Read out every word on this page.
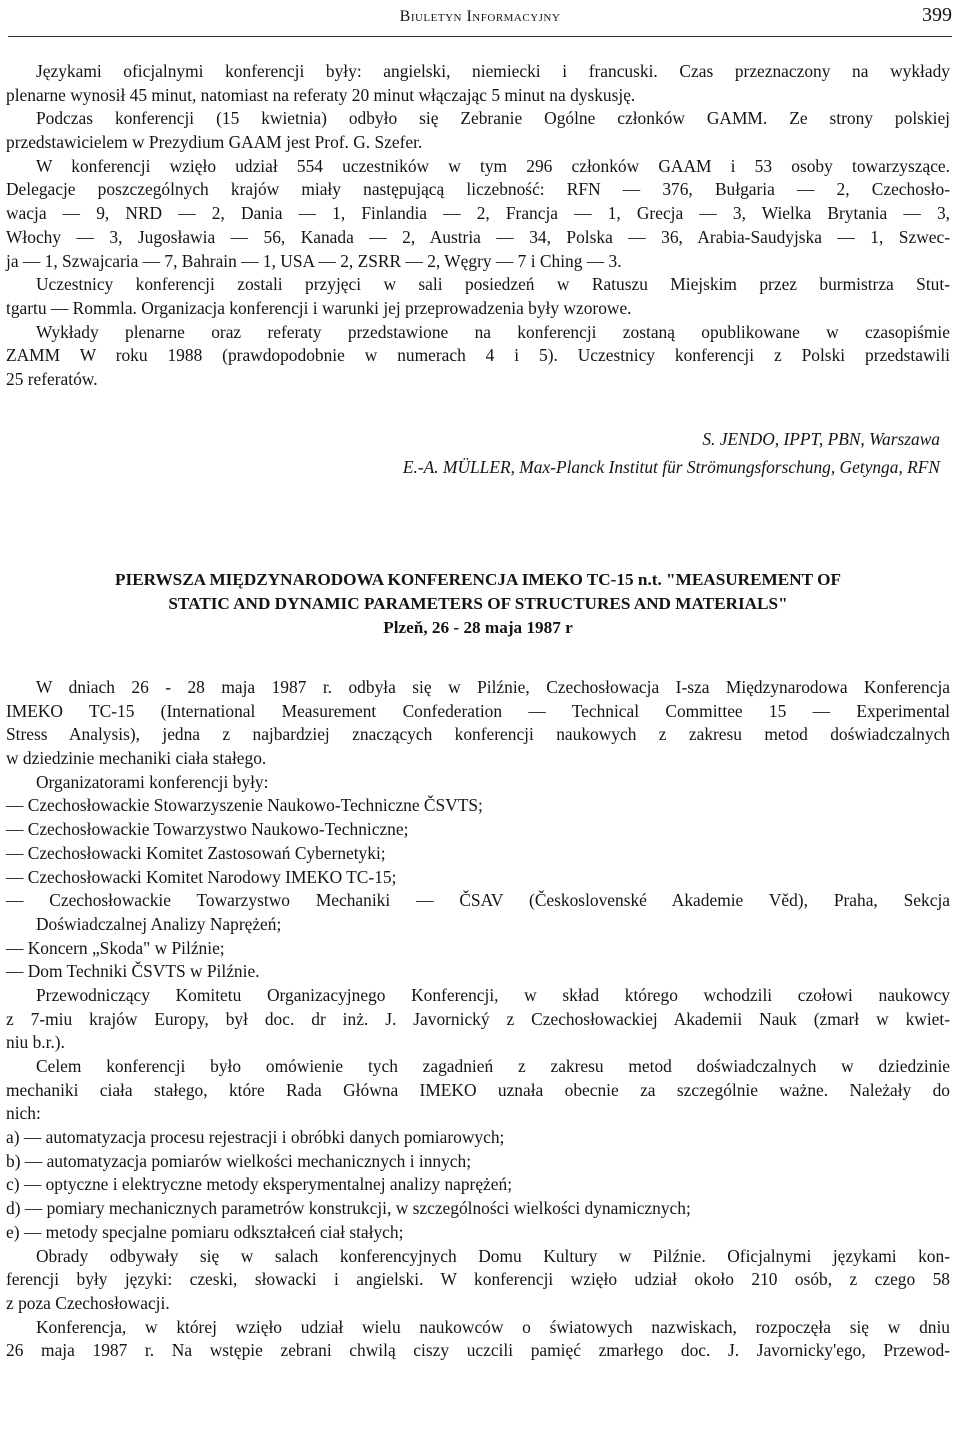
Biuletyn Informacyjny	399
Językami oficjalnymi konferencji były: angielski, niemiecki i francuski. Czas przeznaczony na wykłady
plenarne wynosił 45 minut, natomiast na referaty 20 minut włączając 5 minut na dyskusję.
Podczas konferencji (15 kwietnia) odbyło się Zebranie Ogólne członków GAMM. Ze strony polskiej
przedstawicielem w Prezydium GAAM jest Prof. G. Szefer.
W konferencji wzięło udział 554 uczestników w tym 296 członków GAAM i 53 osoby towarzyszące.
Delegacje poszczególnych krajów miały następującą liczebność: RFN — 376, Bułgaria — 2, Czechosło-
wacja — 9, NRD — 2, Dania — 1, Finlandia — 2, Francja — 1, Grecja — 3, Wielka Brytania — 3,
Włochy — 3, Jugosławia — 56, Kanada — 2, Austria — 34, Polska — 36, Arabia-Saudyjska — 1, Szwec-
ja — 1, Szwajcaria — 7, Bahrain — 1, USA — 2, ZSRR — 2, Węgry — 7 i Ching — 3.
Uczestnicy konferencji zostali przyjęci w sali posiedzeń w Ratuszu Miejskim przez burmistrza Stut-
tgartu — Rommla. Organizacja konferencji i warunki jej przeprowadzenia były wzorowe.
Wykłady plenarne oraz referaty przedstawione na konferencji zostaną opublikowane w czasopiśmie
ZAMM W roku 1988 (prawdopodobnie w numerach 4 i 5). Uczestnicy konferencji z Polski przedstawili
25 referatów.
S. JENDO, IPPT, PBN, Warszawa
E.-A. MÜLLER, Max-Planck Institut für Strömungsforschung, Getynga, RFN
PIERWSZA MIĘDZYNARODOWA KONFERENCJA IMEKO TC-15 n.t. "MEASUREMENT OF
STATIC AND DYNAMIC PARAMETERS OF STRUCTURES AND MATERIALS"
Plzeň, 26 - 28 maja 1987 r
W dniach 26 - 28 maja 1987 r. odbyła się w Pilźnie, Czechosłowacja I-sza Międzynarodowa Konferencja
IMEKO TC-15 (International Measurement Confederation — Technical Committee 15 — Experimental
Stress Analysis), jedna z najbardziej znaczących konferencji naukowych z zakresu metod doświadczalnych
w dziedzinie mechaniki ciała stałego.
Organizatorami konferencji były:
— Czechosłowackie Stowarzyszenie Naukowo-Techniczne ČSVTS;
— Czechosłowackie Towarzystwo Naukowo-Techniczne;
— Czechosłowacki Komitet Zastosowań Cybernetyki;
— Czechosłowacki Komitet Narodowy IMEKO TC-15;
— Czechosłowackie Towarzystwo Mechaniki — ČSAV (Československé Akademie Věd), Praha, Sekcja
Doświadczalnej Analizy Naprężeń;
— Koncern „Skoda" w Pilźnie;
— Dom Techniki ČSVTS w Pilźnie.
Przewodniczący Komitetu Organizacyjnego Konferencji, w skład którego wchodzili czołowi naukowcy
z 7-miu krajów Europy, był doc. dr inż. J. Javornický z Czechosłowackiej Akademii Nauk (zmarł w kwiet-
niu b.r.).
Celem konferencji było omówienie tych zagadnień z zakresu metod doświadczalnych w dziedzinie
mechaniki ciała stałego, które Rada Główna IMEKO uznała obecnie za szczególnie ważne. Należały do
nich:
a) — automatyzacja procesu rejestracji i obróbki danych pomiarowych;
b) — automatyzacja pomiarów wielkości mechanicznych i innych;
c) — optyczne i elektryczne metody eksperymentalnej analizy naprężeń;
d) — pomiary mechanicznych parametrów konstrukcji, w szczególności wielkości dynamicznych;
e) — metody specjalne pomiaru odkształceń ciał stałych;
Obrady odbywały się w salach konferencyjnych Domu Kultury w Pilźnie. Oficjalnymi językami kon-
ferencji były języki: czeski, słowacki i angielski. W konferencji wzięło udział około 210 osób, z czego 58
z poza Czechosłowacji.
Konferencja, w której wzięło udział wielu naukowców o światowych nazwiskach, rozpoczęła się w dniu
26 maja 1987 r. Na wstępie zebrani chwilą ciszy uczcili pamięć zmarłego doc. J. Javornicky'ego, Przewod-
